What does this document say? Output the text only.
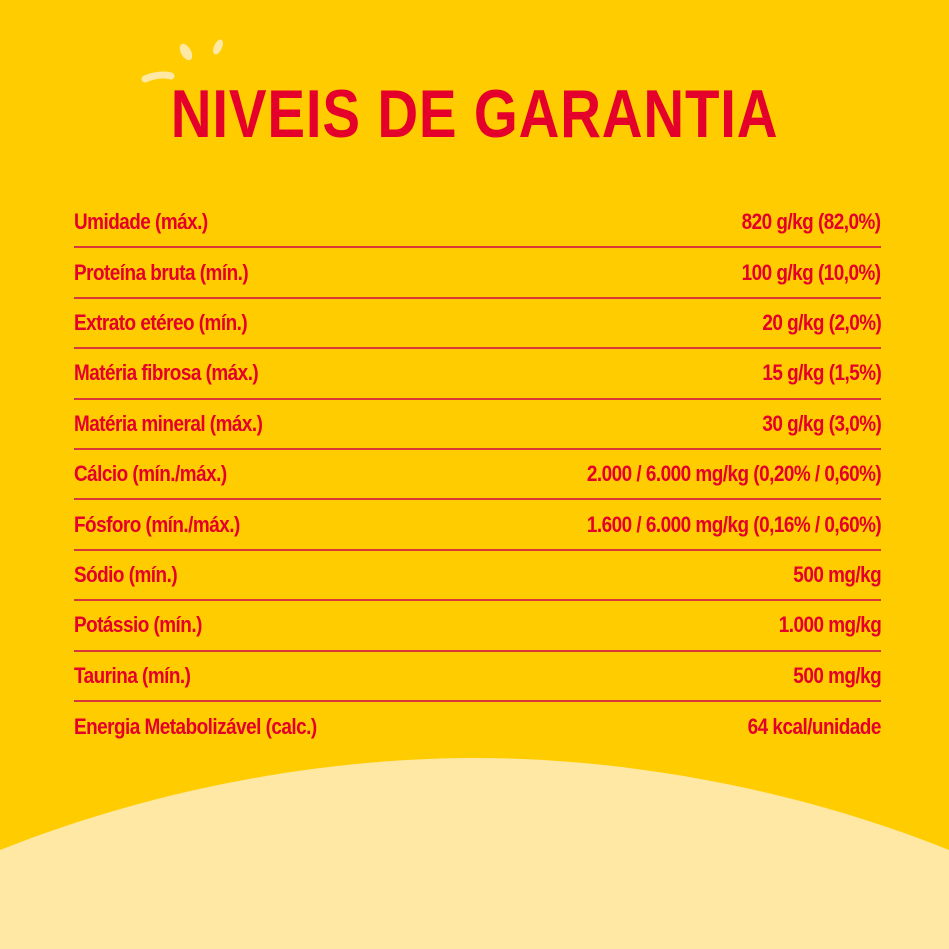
NIVEIS DE GARANTIA
Umidade (máx.)	820 g/kg (82,0%)
Proteína bruta (mín.)	100 g/kg (10,0%)
Extrato etéreo (mín.)	20 g/kg (2,0%)
Matéria fibrosa (máx.)	15 g/kg (1,5%)
Matéria mineral (máx.)	30 g/kg (3,0%)
Cálcio (mín./máx.)	2.000 / 6.000 mg/kg (0,20% / 0,60%)
Fósforo (mín./máx.)	1.600 / 6.000 mg/kg (0,16% / 0,60%)
Sódio (mín.)	500 mg/kg
Potássio (mín.)	1.000 mg/kg
Taurina (mín.)	500 mg/kg
Energia Metabolizável (calc.)	64 kcal/unidade
